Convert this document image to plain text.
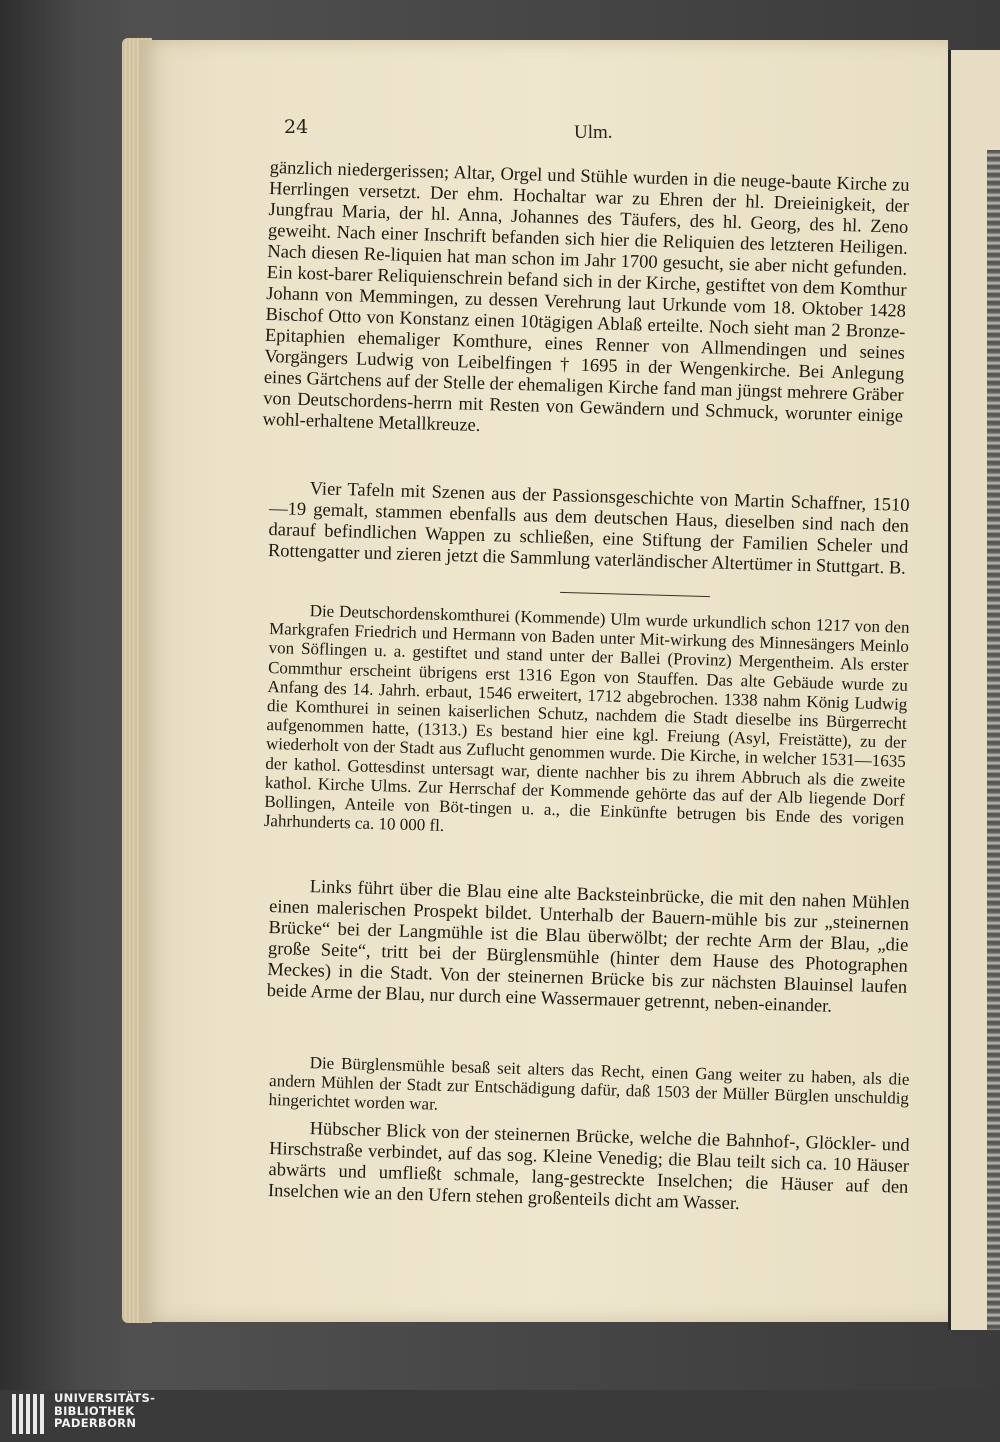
24	Ulm.

gänzlich niedergerissen; Altar, Orgel und Stühle wurden in die neuge-baute Kirche zu Herrlingen versetzt. Der ehm. Hochaltar war zu Ehren der hl. Dreieinigkeit, der Jungfrau Maria, der hl. Anna, Johannes des Täufers, des hl. Georg, des hl. Zeno geweiht. Nach einer Inschrift befanden sich hier die Reliquien des letzteren Heiligen. Nach diesen Re-liquien hat man schon im Jahr 1700 gesucht, sie aber nicht gefunden. Ein kost-barer Reliquienschrein befand sich in der Kirche, gestiftet von dem Komthur Johann von Memmingen, zu dessen Verehrung laut Urkunde vom 18. Oktober 1428 Bischof Otto von Konstanz einen 10tägigen Ablaß erteilte. Noch sieht man 2 Bronze-Epitaphien ehemaliger Komthure, eines Renner von Allmendingen und seines Vorgängers Ludwig von Leibelfingen † 1695 in der Wengenkirche. Bei Anlegung eines Gärtchens auf der Stelle der ehemaligen Kirche fand man jüngst mehrere Gräber von Deutschordens-herrn mit Resten von Gewändern und Schmuck, worunter einige wohl-erhaltene Metallkreuze.

Vier Tafeln mit Szenen aus der Passionsgeschichte von Martin Schaffner, 1510—19 gemalt, stammen ebenfalls aus dem deutschen Haus, dieselben sind nach den darauf befindlichen Wappen zu schließen, eine Stiftung der Familien Scheler und Rottengatter und zieren jetzt die Sammlung vaterländischer Altertümer in Stuttgart. B.

Die Deutschordenskomthurei (Kommende) Ulm wurde urkundlich schon 1217 von den Markgrafen Friedrich und Hermann von Baden unter Mit-wirkung des Minnesängers Meinlo von Söflingen u. a. gestiftet und stand unter der Ballei (Provinz) Mergentheim. Als erster Commthur erscheint übrigens erst 1316 Egon von Stauffen. Das alte Gebäude wurde zu Anfang des 14. Jahrh. erbaut, 1546 erweitert, 1712 abgebrochen. 1338 nahm König Ludwig die Komthurei in seinen kaiserlichen Schutz, nachdem die Stadt dieselbe ins Bürgerrecht aufgenommen hatte, (1313.) Es bestand hier eine kgl. Freiung (Asyl, Freistätte), zu der wiederholt von der Stadt aus Zuflucht genommen wurde. Die Kirche, in welcher 1531—1635 der kathol. Gottesdinst untersagt war, diente nachher bis zu ihrem Abbruch als die zweite kathol. Kirche Ulms. Zur Herrschaf der Kommende gehörte das auf der Alb liegende Dorf Bollingen, Anteile von Böt-tingen u. a., die Einkünfte betrugen bis Ende des vorigen Jahrhunderts ca. 10 000 fl.

Links führt über die Blau eine alte Backsteinbrücke, die mit den nahen Mühlen einen malerischen Prospekt bildet. Unterhalb der Bauern-mühle bis zur „steinernen Brücke“ bei der Langmühle ist die Blau überwölbt; der rechte Arm der Blau, „die große Seite“, tritt bei der Bürglensmühle (hinter dem Hause des Photographen Meckes) in die Stadt. Von der steinernen Brücke bis zur nächsten Blauinsel laufen beide Arme der Blau, nur durch eine Wassermauer getrennt, neben-einander.

Die Bürglensmühle besaß seit alters das Recht, einen Gang weiter zu haben, als die andern Mühlen der Stadt zur Entschädigung dafür, daß 1503 der Müller Bürglen unschuldig hingerichtet worden war.

Hübscher Blick von der steinernen Brücke, welche die Bahnhof-, Glöckler- und Hirschstraße verbindet, auf das sog. Kleine Venedig; die Blau teilt sich ca. 10 Häuser abwärts und umfließt schmale, lang-gestreckte Inselchen; die Häuser auf den Inselchen wie an den Ufern stehen großenteils dicht am Wasser.

UNIVERSITÄTS-
BIBLIOTHEK
PADERBORN
